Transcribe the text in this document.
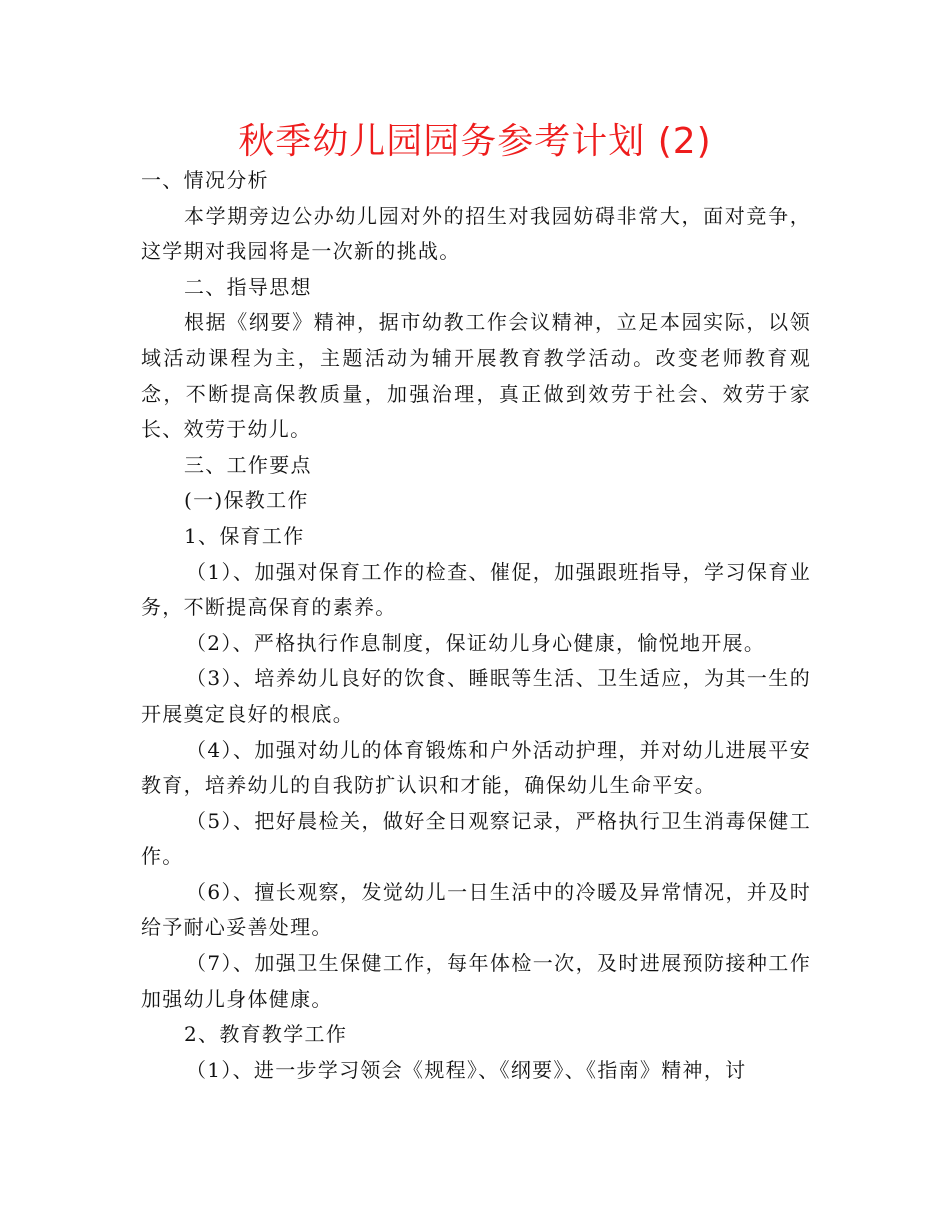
秋季幼儿园园务参考计划 (2)

一、情况分析

本学期旁边公办幼儿园对外的招生对我园妨碍非常大，面对竞争，这学期对我园将是一次新的挑战。

二、指导思想

根据《纲要》精神，据市幼教工作会议精神，立足本园实际，以领域活动课程为主，主题活动为辅开展教育教学活动。改变老师教育观念，不断提高保教质量，加强治理，真正做到效劳于社会、效劳于家长、效劳于幼儿。

三、工作要点

(一)保教工作

1、保育工作

（1）、加强对保育工作的检查、催促，加强跟班指导，学习保育业务，不断提高保育的素养。

（2）、严格执行作息制度，保证幼儿身心健康，愉悦地开展。

（3）、培养幼儿良好的饮食、睡眠等生活、卫生适应，为其一生的开展奠定良好的根底。

（4）、加强对幼儿的体育锻炼和户外活动护理，并对幼儿进展平安教育，培养幼儿的自我防扩认识和才能，确保幼儿生命平安。

（5）、把好晨检关，做好全日观察记录，严格执行卫生消毒保健工作。

（6）、擅长观察，发觉幼儿一日生活中的冷暖及异常情况，并及时给予耐心妥善处理。

（7）、加强卫生保健工作，每年体检一次，及时进展预防接种工作加强幼儿身体健康。

2、教育教学工作

（1）、进一步学习领会《规程》、《纲要》、《指南》精神，讨
